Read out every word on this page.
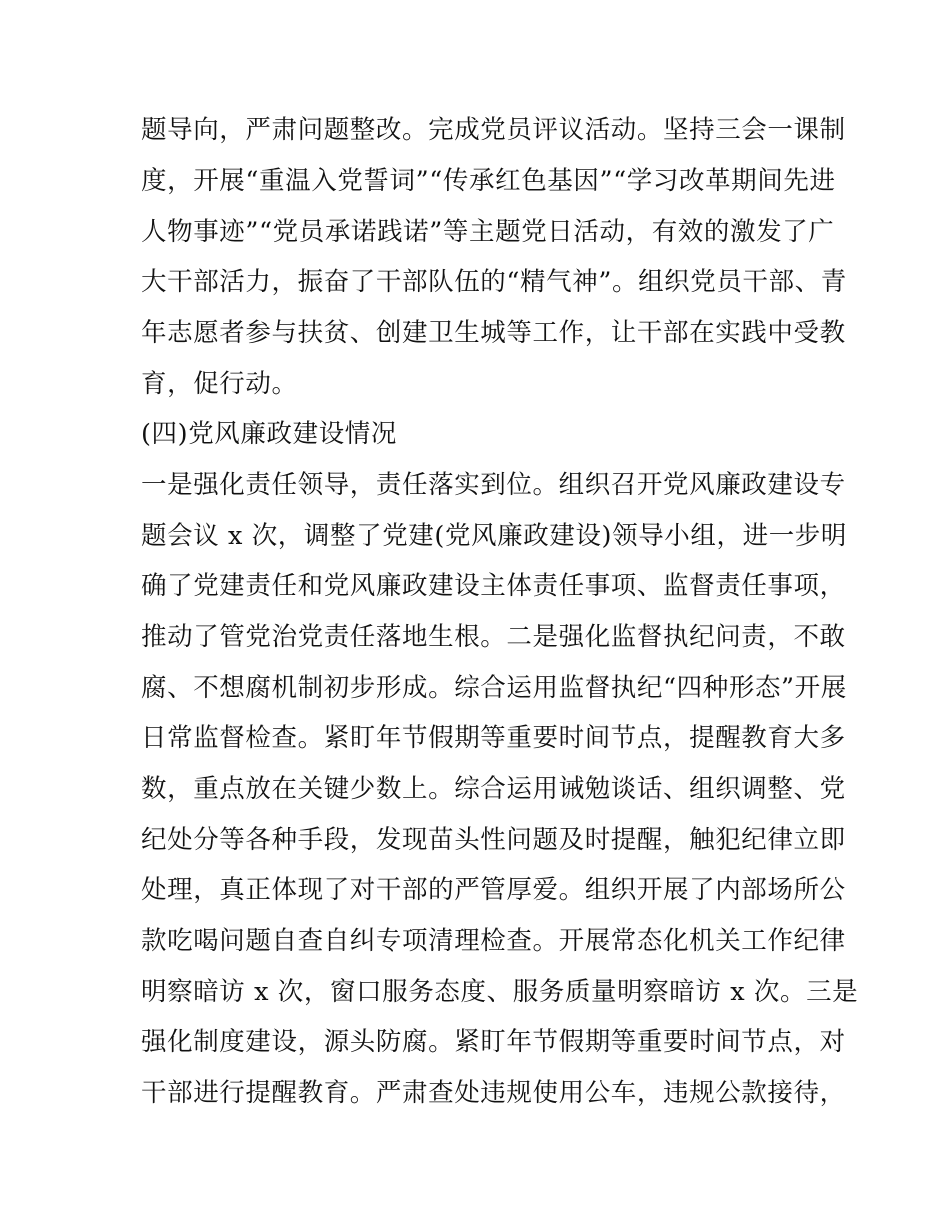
题导向，严肃问题整改。完成党员评议活动。坚持三会一课制
度，开展“重温入党誓词”“传承红色基因”“学习改革期间先进
人物事迹”“党员承诺践诺”等主题党日活动，有效的激发了广
大干部活力，振奋了干部队伍的“精气神”。组织党员干部、青
年志愿者参与扶贫、创建卫生城等工作，让干部在实践中受教
育，促行动。
(四)党风廉政建设情况
一是强化责任领导，责任落实到位。组织召开党风廉政建设专
题会议 x 次，调整了党建(党风廉政建设)领导小组，进一步明
确了党建责任和党风廉政建设主体责任事项、监督责任事项，
推动了管党治党责任落地生根。二是强化监督执纪问责，不敢
腐、不想腐机制初步形成。综合运用监督执纪“四种形态”开展
日常监督检查。紧盯年节假期等重要时间节点，提醒教育大多
数，重点放在关键少数上。综合运用诫勉谈话、组织调整、党
纪处分等各种手段，发现苗头性问题及时提醒，触犯纪律立即
处理，真正体现了对干部的严管厚爱。组织开展了内部场所公
款吃喝问题自查自纠专项清理检查。开展常态化机关工作纪律
明察暗访 x 次，窗口服务态度、服务质量明察暗访 x 次。三是
强化制度建设，源头防腐。紧盯年节假期等重要时间节点，对
干部进行提醒教育。严肃查处违规使用公车，违规公款接待，
